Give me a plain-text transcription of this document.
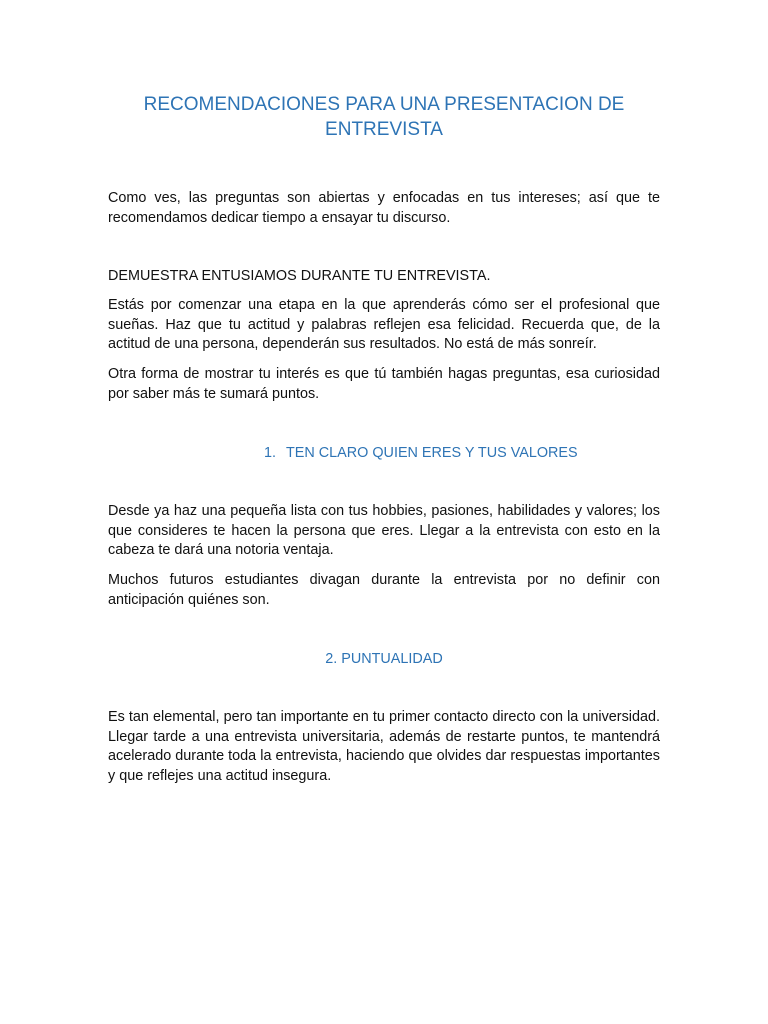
RECOMENDACIONES PARA UNA PRESENTACION DE ENTREVISTA

Como ves, las preguntas son abiertas y enfocadas en tus intereses; así que te recomendamos dedicar tiempo a ensayar tu discurso.

DEMUESTRA ENTUSIAMOS DURANTE TU ENTREVISTA.

Estás por comenzar una etapa en la que aprenderás cómo ser el profesional que sueñas. Haz que tu actitud y palabras reflejen esa felicidad. Recuerda que, de la actitud de una persona, dependerán sus resultados. No está de más sonreír.

Otra forma de mostrar tu interés es que tú también hagas preguntas, esa curiosidad por saber más te sumará puntos.

1. TEN CLARO QUIEN ERES Y TUS VALORES

Desde ya haz una pequeña lista con tus hobbies, pasiones, habilidades y valores; los que consideres te hacen la persona que eres. Llegar a la entrevista con esto en la cabeza te dará una notoria ventaja.

Muchos futuros estudiantes divagan durante la entrevista por no definir con anticipación quiénes son.

2. PUNTUALIDAD

Es tan elemental, pero tan importante en tu primer contacto directo con la universidad. Llegar tarde a una entrevista universitaria, además de restarte puntos, te mantendrá acelerado durante toda la entrevista, haciendo que olvides dar respuestas importantes y que reflejes una actitud insegura.
